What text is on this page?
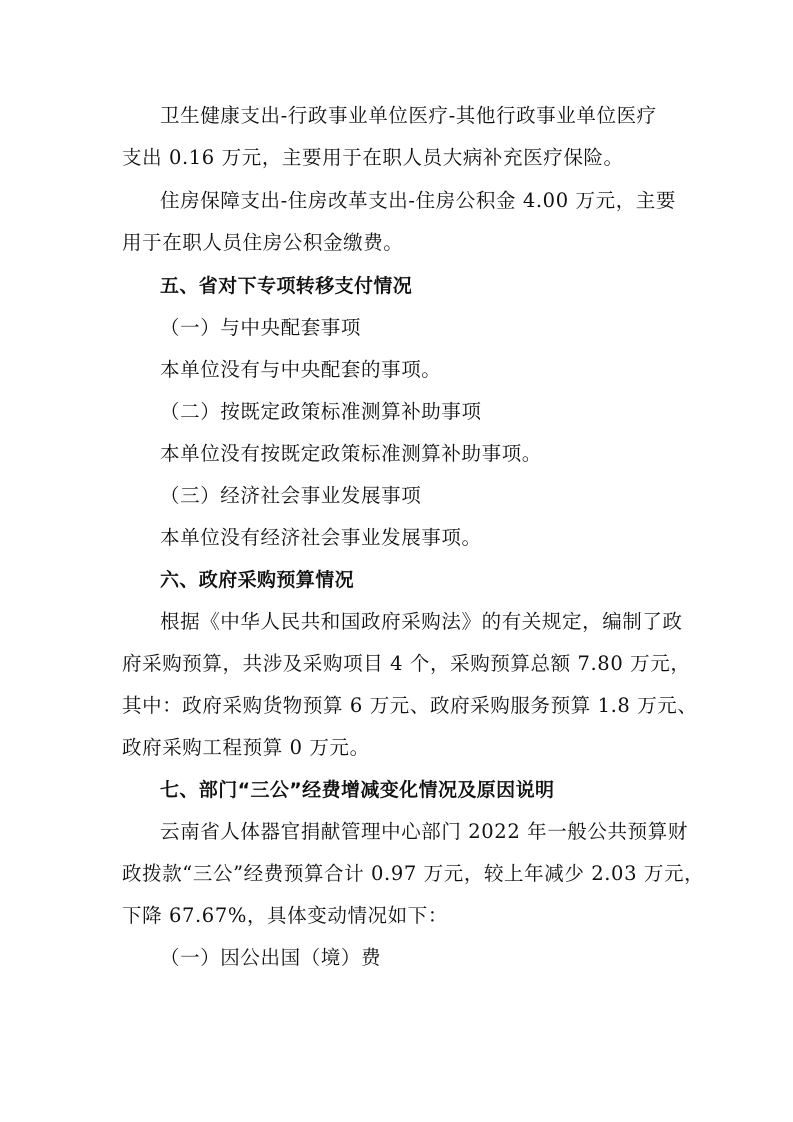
卫生健康支出-行政事业单位医疗-其他行政事业单位医疗
支出 0.16 万元，主要用于在职人员大病补充医疗保险。
住房保障支出-住房改革支出-住房公积金 4.00 万元，主要
用于在职人员住房公积金缴费。
五、省对下专项转移支付情况
（一）与中央配套事项
本单位没有与中央配套的事项。
（二）按既定政策标准测算补助事项
本单位没有按既定政策标准测算补助事项。
（三）经济社会事业发展事项
本单位没有经济社会事业发展事项。
六、政府采购预算情况
根据《中华人民共和国政府采购法》的有关规定，编制了政
府采购预算，共涉及采购项目 4 个，采购预算总额 7.80 万元，
其中：政府采购货物预算 6 万元、政府采购服务预算 1.8 万元、
政府采购工程预算 0 万元。
七、部门“三公”经费增减变化情况及原因说明
云南省人体器官捐献管理中心部门 2022 年一般公共预算财
政拨款“三公”经费预算合计 0.97 万元，较上年减少 2.03 万元，
下降 67.67%，具体变动情况如下：
（一）因公出国（境）费
